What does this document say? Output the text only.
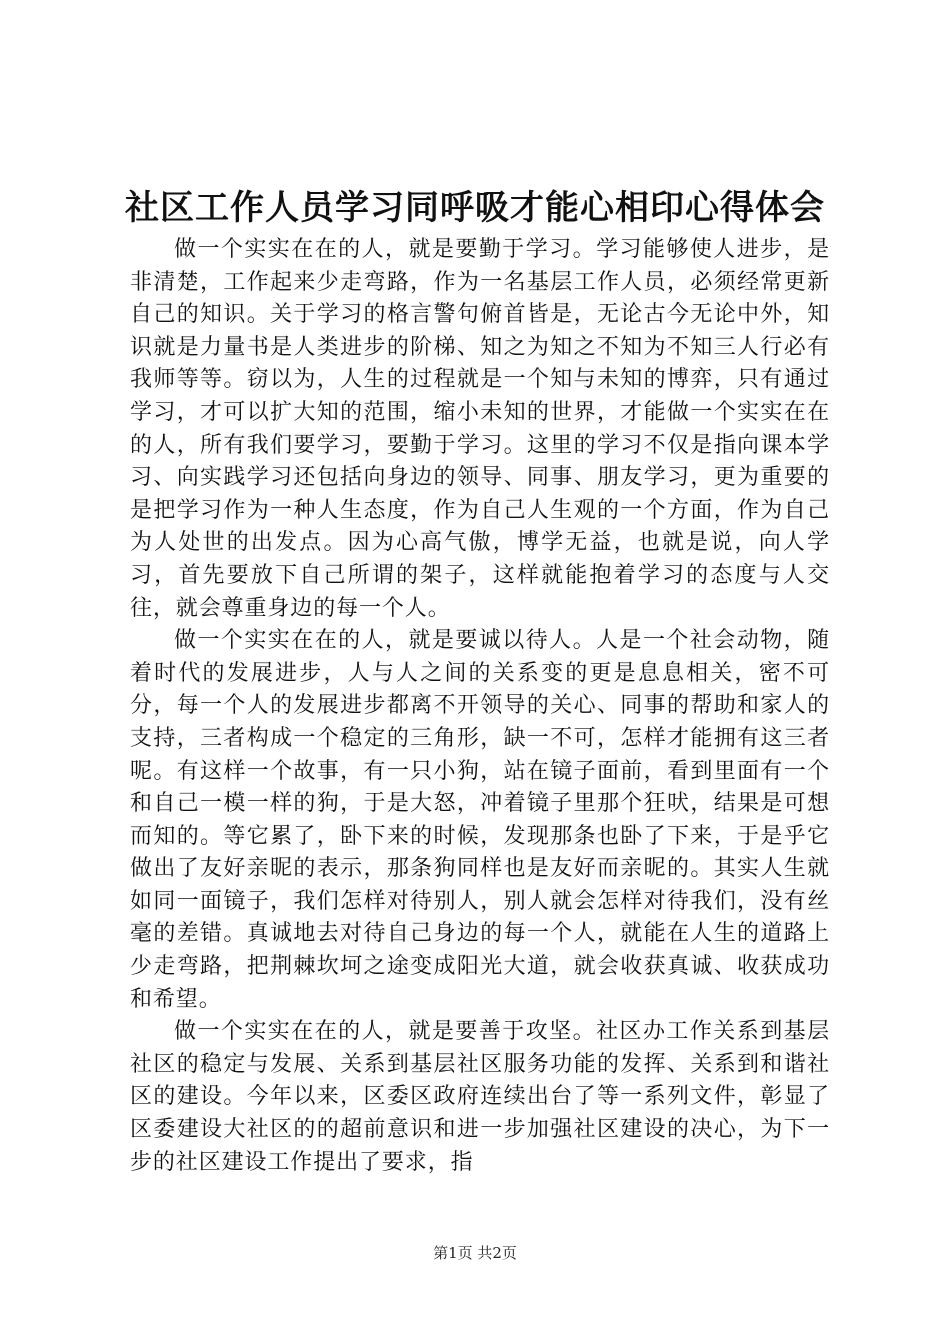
社区工作人员学习同呼吸才能心相印心得体会

做一个实实在在的人，就是要勤于学习。学习能够使人进步，是非清楚，工作起来少走弯路，作为一名基层工作人员，必须经常更新自己的知识。关于学习的格言警句俯首皆是，无论古今无论中外，知识就是力量书是人类进步的阶梯、知之为知之不知为不知三人行必有我师等等。窃以为，人生的过程就是一个知与未知的博弈，只有通过学习，才可以扩大知的范围，缩小未知的世界，才能做一个实实在在的人，所有我们要学习，要勤于学习。这里的学习不仅是指向课本学习、向实践学习还包括向身边的领导、同事、朋友学习，更为重要的是把学习作为一种人生态度，作为自己人生观的一个方面，作为自己为人处世的出发点。因为心高气傲，博学无益，也就是说，向人学习，首先要放下自己所谓的架子，这样就能抱着学习的态度与人交往，就会尊重身边的每一个人。

做一个实实在在的人，就是要诚以待人。人是一个社会动物，随着时代的发展进步，人与人之间的关系变的更是息息相关，密不可分，每一个人的发展进步都离不开领导的关心、同事的帮助和家人的支持，三者构成一个稳定的三角形，缺一不可，怎样才能拥有这三者呢。有这样一个故事，有一只小狗，站在镜子面前，看到里面有一个和自己一模一样的狗，于是大怒，冲着镜子里那个狂吠，结果是可想而知的。等它累了，卧下来的时候，发现那条也卧了下来，于是乎它做出了友好亲昵的表示，那条狗同样也是友好而亲昵的。其实人生就如同一面镜子，我们怎样对待别人，别人就会怎样对待我们，没有丝毫的差错。真诚地去对待自己身边的每一个人，就能在人生的道路上少走弯路，把荆棘坎坷之途变成阳光大道，就会收获真诚、收获成功和希望。

做一个实实在在的人，就是要善于攻坚。社区办工作关系到基层社区的稳定与发展、关系到基层社区服务功能的发挥、关系到和谐社区的建设。今年以来，区委区政府连续出台了等一系列文件，彰显了区委建设大社区的的超前意识和进一步加强社区建设的决心，为下一步的社区建设工作提出了要求，指

第1页 共2页
